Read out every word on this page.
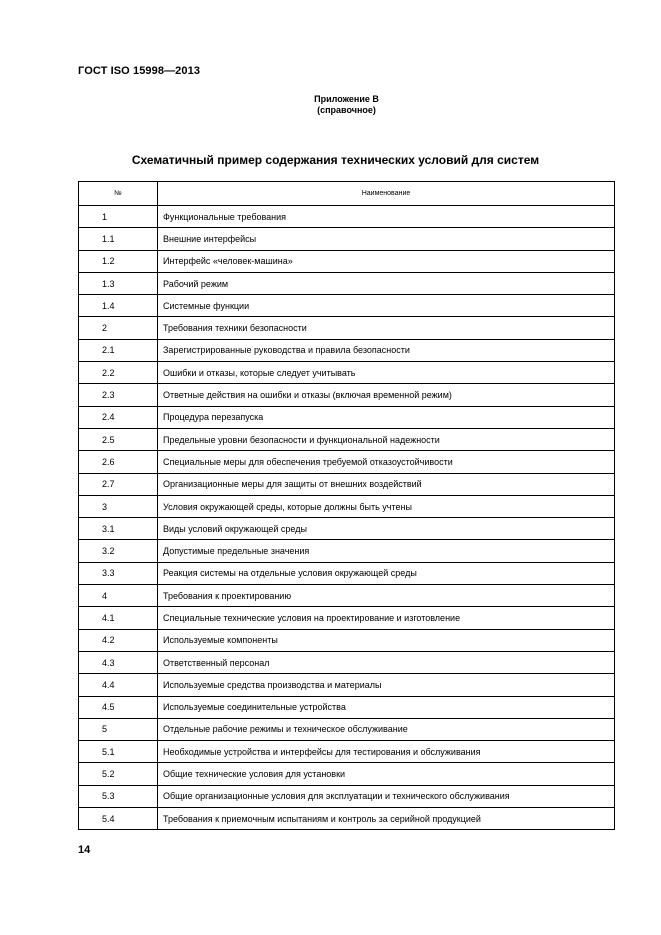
ГОСТ ISO 15998—2013
Приложение В
(справочное)
Схематичный пример содержания технических условий для систем
№	Наименование
1	Функциональные требования
1.1	Внешние интерфейсы
1.2	Интерфейс «человек-машина»
1.3	Рабочий режим
1.4	Системные функции
2	Требования техники безопасности
2.1	Зарегистрированные руководства и правила безопасности
2.2	Ошибки и отказы, которые следует учитывать
2.3	Ответные действия на ошибки и отказы (включая временной режим)
2.4	Процедура перезапуска
2.5	Предельные уровни безопасности и функциональной надежности
2.6	Специальные меры для обеспечения требуемой отказоустойчивости
2.7	Организационные меры для защиты от внешних воздействий
3	Условия окружающей среды, которые должны быть учтены
3.1	Виды условий окружающей среды
3.2	Допустимые предельные значения
3.3	Реакция системы на отдельные условия окружающей среды
4	Требования к проектированию
4.1	Специальные технические условия на проектирование и изготовление
4.2	Используемые компоненты
4.3	Ответственный персонал
4.4	Используемые средства производства и материалы
4.5	Используемые соединительные устройства
5	Отдельные рабочие режимы и техническое обслуживание
5.1	Необходимые устройства и интерфейсы для тестирования и обслуживания
5.2	Общие технические условия для установки
5.3	Общие организационные условия для эксплуатации и технического обслуживания
5.4	Требования к приемочным испытаниям и контроль за серийной продукцией
14
